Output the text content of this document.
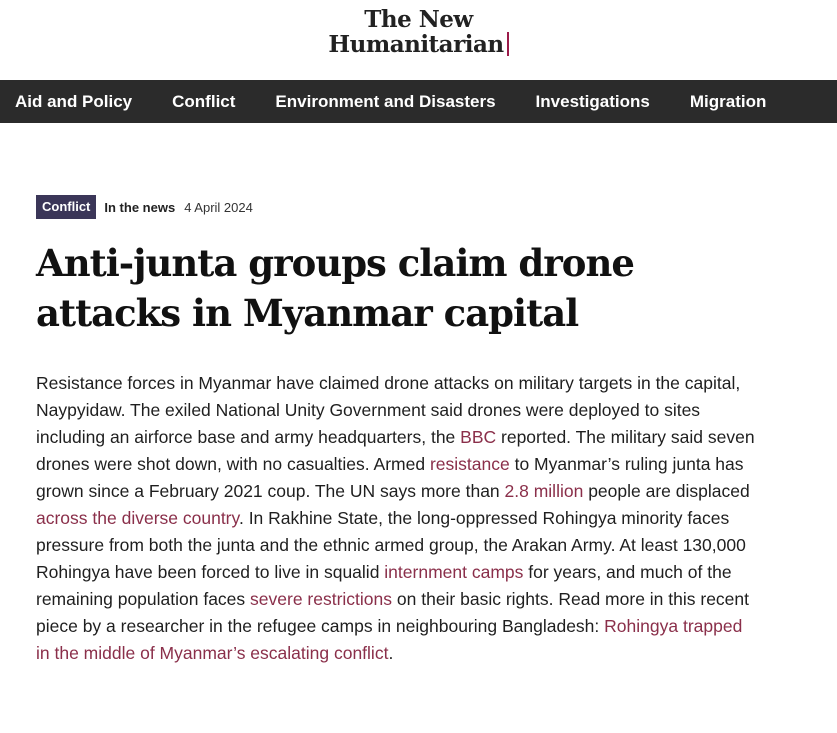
The New
Humanitarian
Aid and Policy Conflict Environment and Disasters Investigations Migration
Conflict	In the news 4 April 2024
Anti-junta groups claim drone attacks in Myanmar capital

Resistance forces in Myanmar have claimed drone attacks on military targets in the capital, Naypyidaw. The exiled National Unity Government said drones were deployed to sites including an airforce base and army headquarters, the BBC reported. The military said seven drones were shot down, with no casualties. Armed resistance to Myanmar’s ruling junta has grown since a February 2021 coup. The UN says more than 2.8 million people are displaced across the diverse country. In Rakhine State, the long-oppressed Rohingya minority faces pressure from both the junta and the ethnic armed group, the Arakan Army. At least 130,000 Rohingya have been forced to live in squalid internment camps for years, and much of the remaining population faces severe restrictions on their basic rights. Read more in this recent piece by a researcher in the refugee camps in neighbouring Bangladesh: Rohingya trapped in the middle of Myanmar’s escalating conflict.
